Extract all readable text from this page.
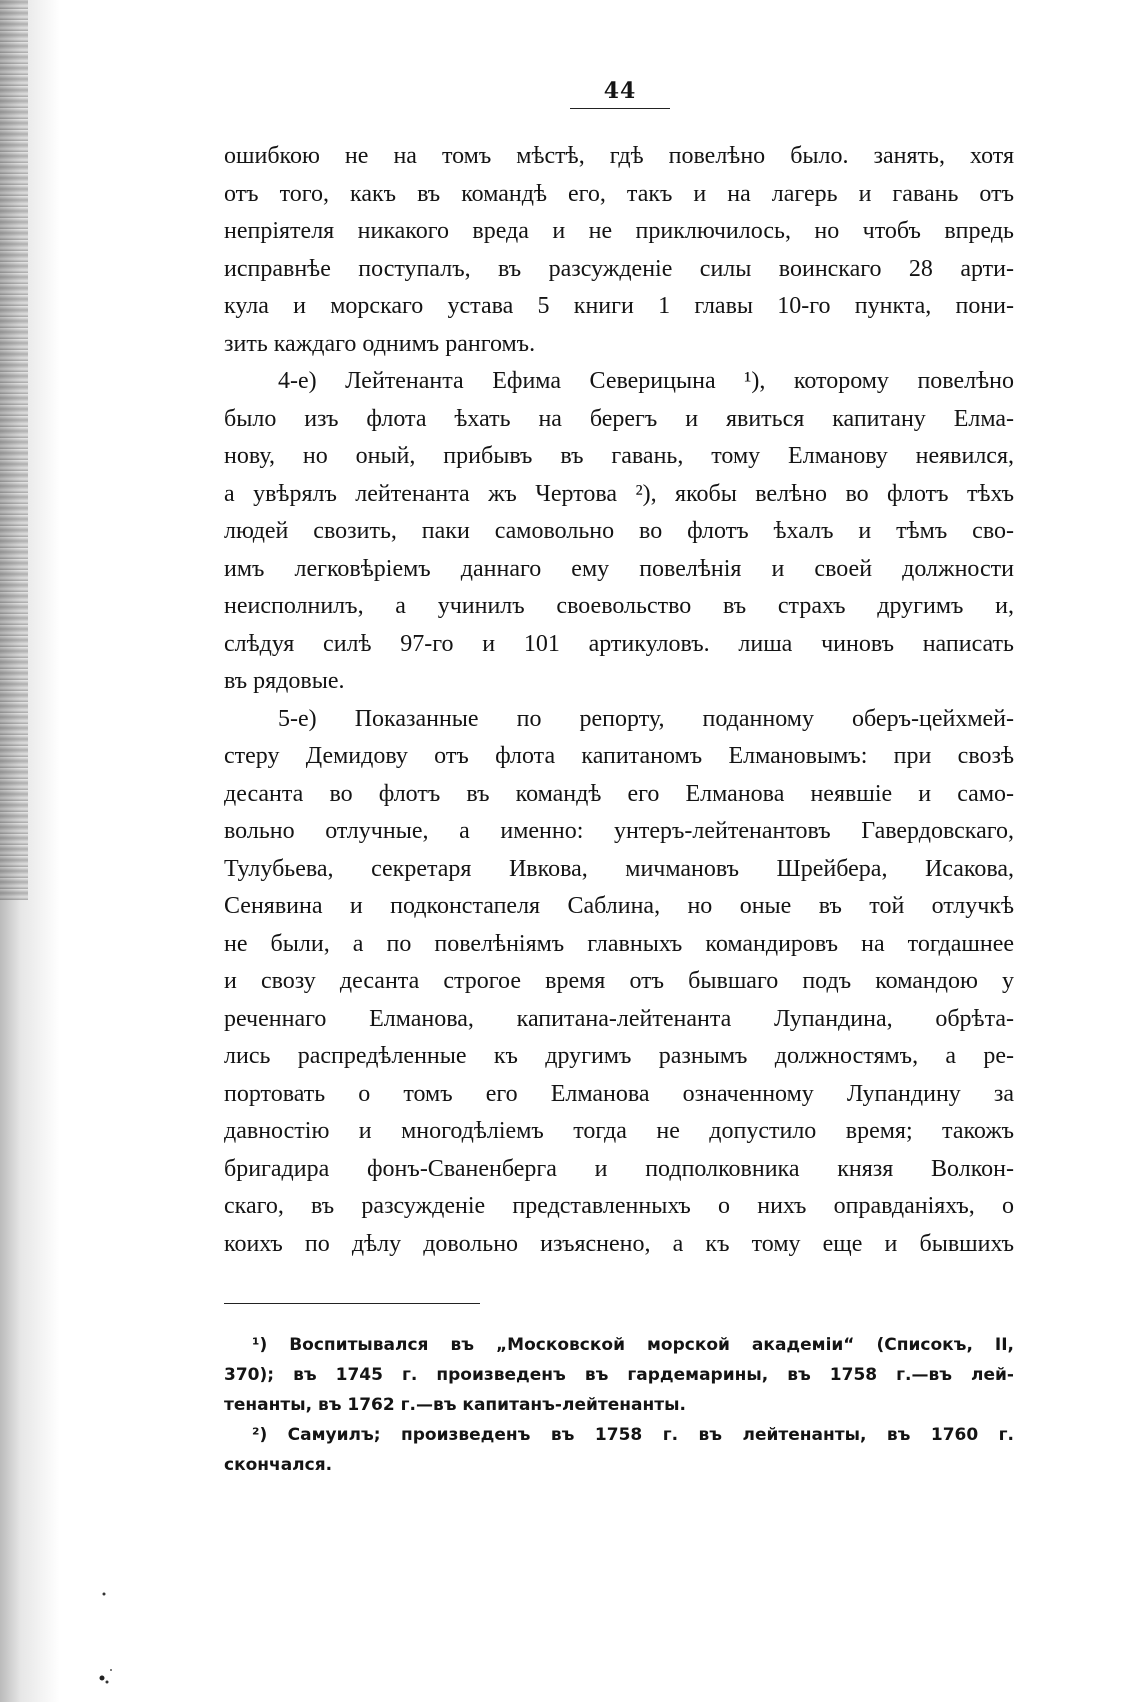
44
ошибкою не на томъ мѣстѣ, гдѣ повелѣно было. занять, хотя
отъ того, какъ въ командѣ его, такъ и на лагерь и гавань отъ
непріятеля никакого вреда и не приключилось, но чтобъ впредь
исправнѣе поступалъ, въ разсужденіе силы воинскаго 28 арти-
кула и морскаго устава 5 книги 1 главы 10-го пункта, пони-
зить каждаго однимъ рангомъ.
4-е) Лейтенанта Ефима Северицына ¹), которому повелѣно
было изъ флота ѣхать на берегъ и явиться капитану Елма-
нову, но оный, прибывъ въ гавань, тому Елманову неявился,
а увѣрялъ лейтенанта жъ Чертова ²), якобы велѣно во флотъ тѣхъ
людей свозить, паки самовольно во флотъ ѣхалъ и тѣмъ сво-
имъ легковѣріемъ даннаго ему повелѣнія и своей должности
неисполнилъ, а учинилъ своевольство въ страхъ другимъ и,
слѣдуя силѣ 97-го и 101 артикуловъ. лиша чиновъ написать
въ рядовые.
5-е) Показанные по репорту, поданному оберъ-цейхмей-
стеру Демидову отъ флота капитаномъ Елмановымъ: при свозѣ
десанта во флотъ въ командѣ его Елманова неявшіе и само-
вольно отлучные, а именно: унтеръ-лейтенантовъ Гавердовскаго,
Тулубьева, секретаря Ивкова, мичмановъ Шрейбера, Исакова,
Сенявина и подконстапеля Саблина, но оные въ той отлучкѣ
не были, а по повелѣніямъ главныхъ командировъ на тогдашнее
и свозу десанта строгое время отъ бывшаго подъ командою у
реченнаго Елманова, капитана-лейтенанта Лупандина, обрѣта-
лись распредѣленные къ другимъ разнымъ должностямъ, а ре-
портовать о томъ его Елманова означенному Лупандину за
давностію и многодѣліемъ тогда не допустило время; такожъ
бригадира фонъ-Сваненберга и подполковника князя Волкон-
скаго, въ разсужденіе представленныхъ о нихъ оправданіяхъ, о
коихъ по дѣлу довольно изъяснено, а къ тому еще и бывшихъ
¹) Воспитывался въ „Московской морской академіи“ (Списокъ, II,
370); въ 1745 г. произведенъ въ гардемарины, въ 1758 г.—въ лей-
тенанты, въ 1762 г.—въ капитанъ-лейтенанты.
²) Самуилъ; произведенъ въ 1758 г. въ лейтенанты, въ 1760 г.
скончался.
